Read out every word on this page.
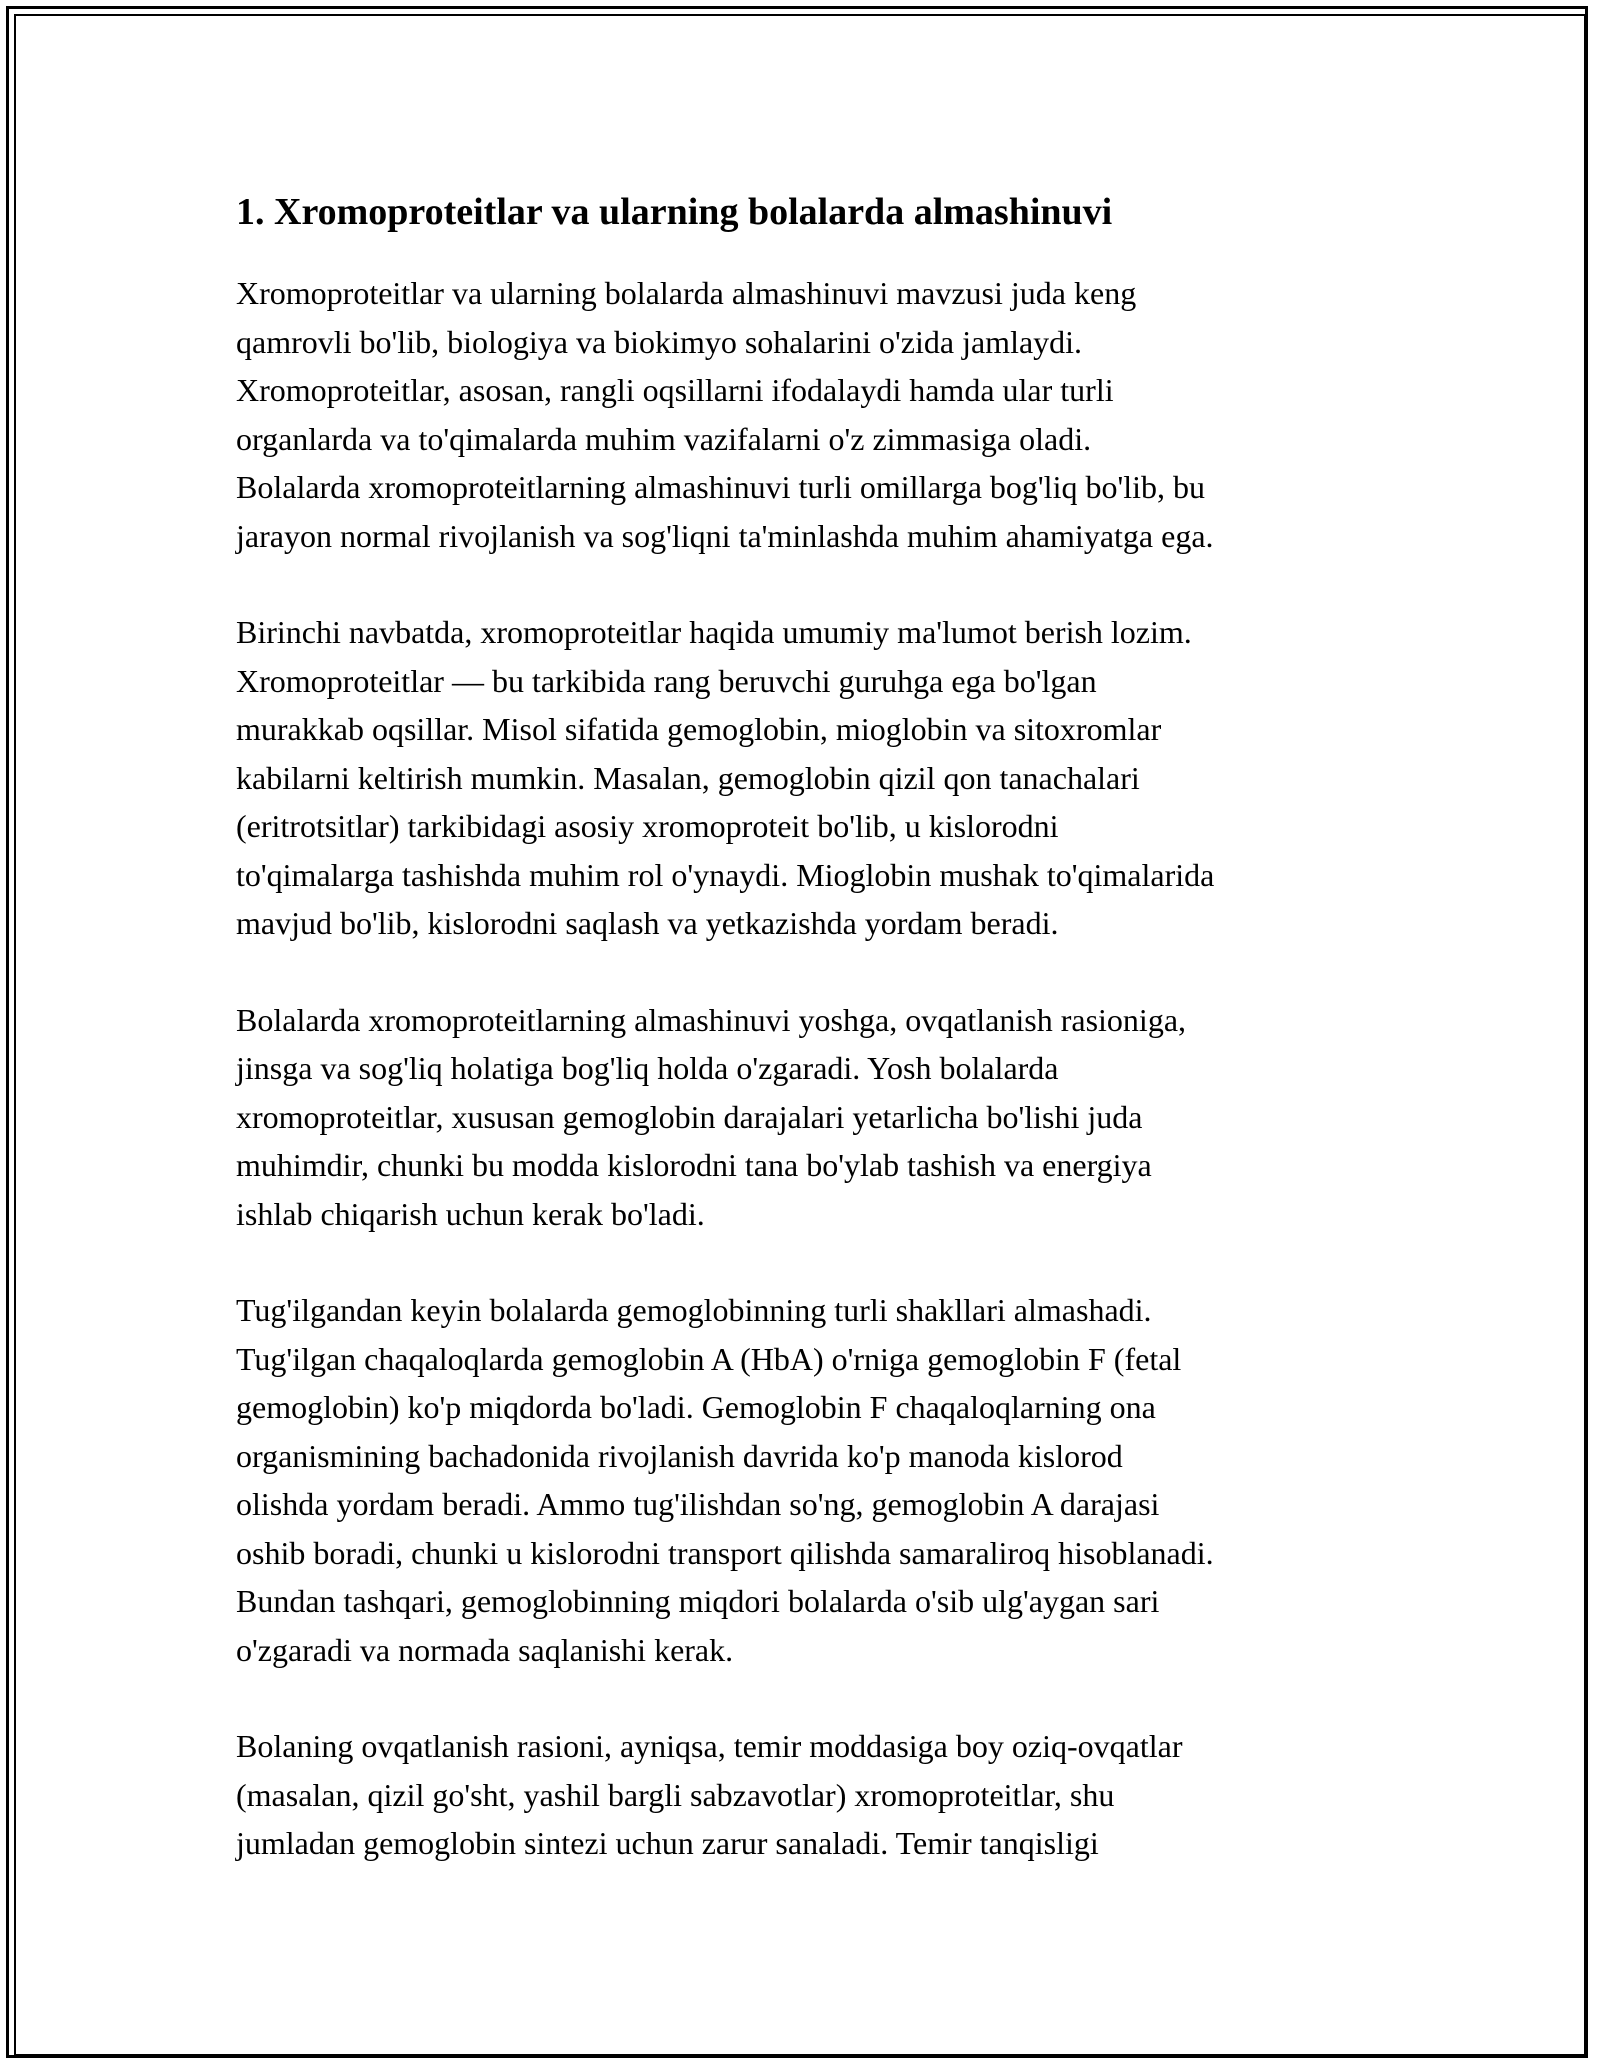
1. Xromoproteitlar va ularning bolalarda almashinuvi

Xromoproteitlar va ularning bolalarda almashinuvi mavzusi juda keng
qamrovli bo'lib, biologiya va biokimyo sohalarini o'zida jamlaydi.
Xromoproteitlar, asosan, rangli oqsillarni ifodalaydi hamda ular turli
organlarda va to'qimalarda muhim vazifalarni o'z zimmasiga oladi.
Bolalarda xromoproteitlarning almashinuvi turli omillarga bog'liq bo'lib, bu
jarayon normal rivojlanish va sog'liqni ta'minlashda muhim ahamiyatga ega.

Birinchi navbatda, xromoproteitlar haqida umumiy ma'lumot berish lozim.
Xromoproteitlar — bu tarkibida rang beruvchi guruhga ega bo'lgan
murakkab oqsillar. Misol sifatida gemoglobin, mioglobin va sitoxromlar
kabilarni keltirish mumkin. Masalan, gemoglobin qizil qon tanachalari
(eritrotsitlar) tarkibidagi asosiy xromoproteit bo'lib, u kislorodni
to'qimalarga tashishda muhim rol o'ynaydi. Mioglobin mushak to'qimalarida
mavjud bo'lib, kislorodni saqlash va yetkazishda yordam beradi.

Bolalarda xromoproteitlarning almashinuvi yoshga, ovqatlanish rasioniga,
jinsga va sog'liq holatiga bog'liq holda o'zgaradi. Yosh bolalarda
xromoproteitlar, xususan gemoglobin darajalari yetarlicha bo'lishi juda
muhimdir, chunki bu modda kislorodni tana bo'ylab tashish va energiya
ishlab chiqarish uchun kerak bo'ladi.

Tug'ilgandan keyin bolalarda gemoglobinning turli shakllari almashadi.
Tug'ilgan chaqaloqlarda gemoglobin A (HbA) o'rniga gemoglobin F (fetal
gemoglobin) ko'p miqdorda bo'ladi. Gemoglobin F chaqaloqlarning ona
organismining bachadonida rivojlanish davrida ko'p manoda kislorod
olishda yordam beradi. Ammo tug'ilishdan so'ng, gemoglobin A darajasi
oshib boradi, chunki u kislorodni transport qilishda samaraliroq hisoblanadi.
Bundan tashqari, gemoglobinning miqdori bolalarda o'sib ulg'aygan sari
o'zgaradi va normada saqlanishi kerak.

Bolaning ovqatlanish rasioni, ayniqsa, temir moddasiga boy oziq-ovqatlar
(masalan, qizil go'sht, yashil bargli sabzavotlar) xromoproteitlar, shu
jumladan gemoglobin sintezi uchun zarur sanaladi. Temir tanqisligi
